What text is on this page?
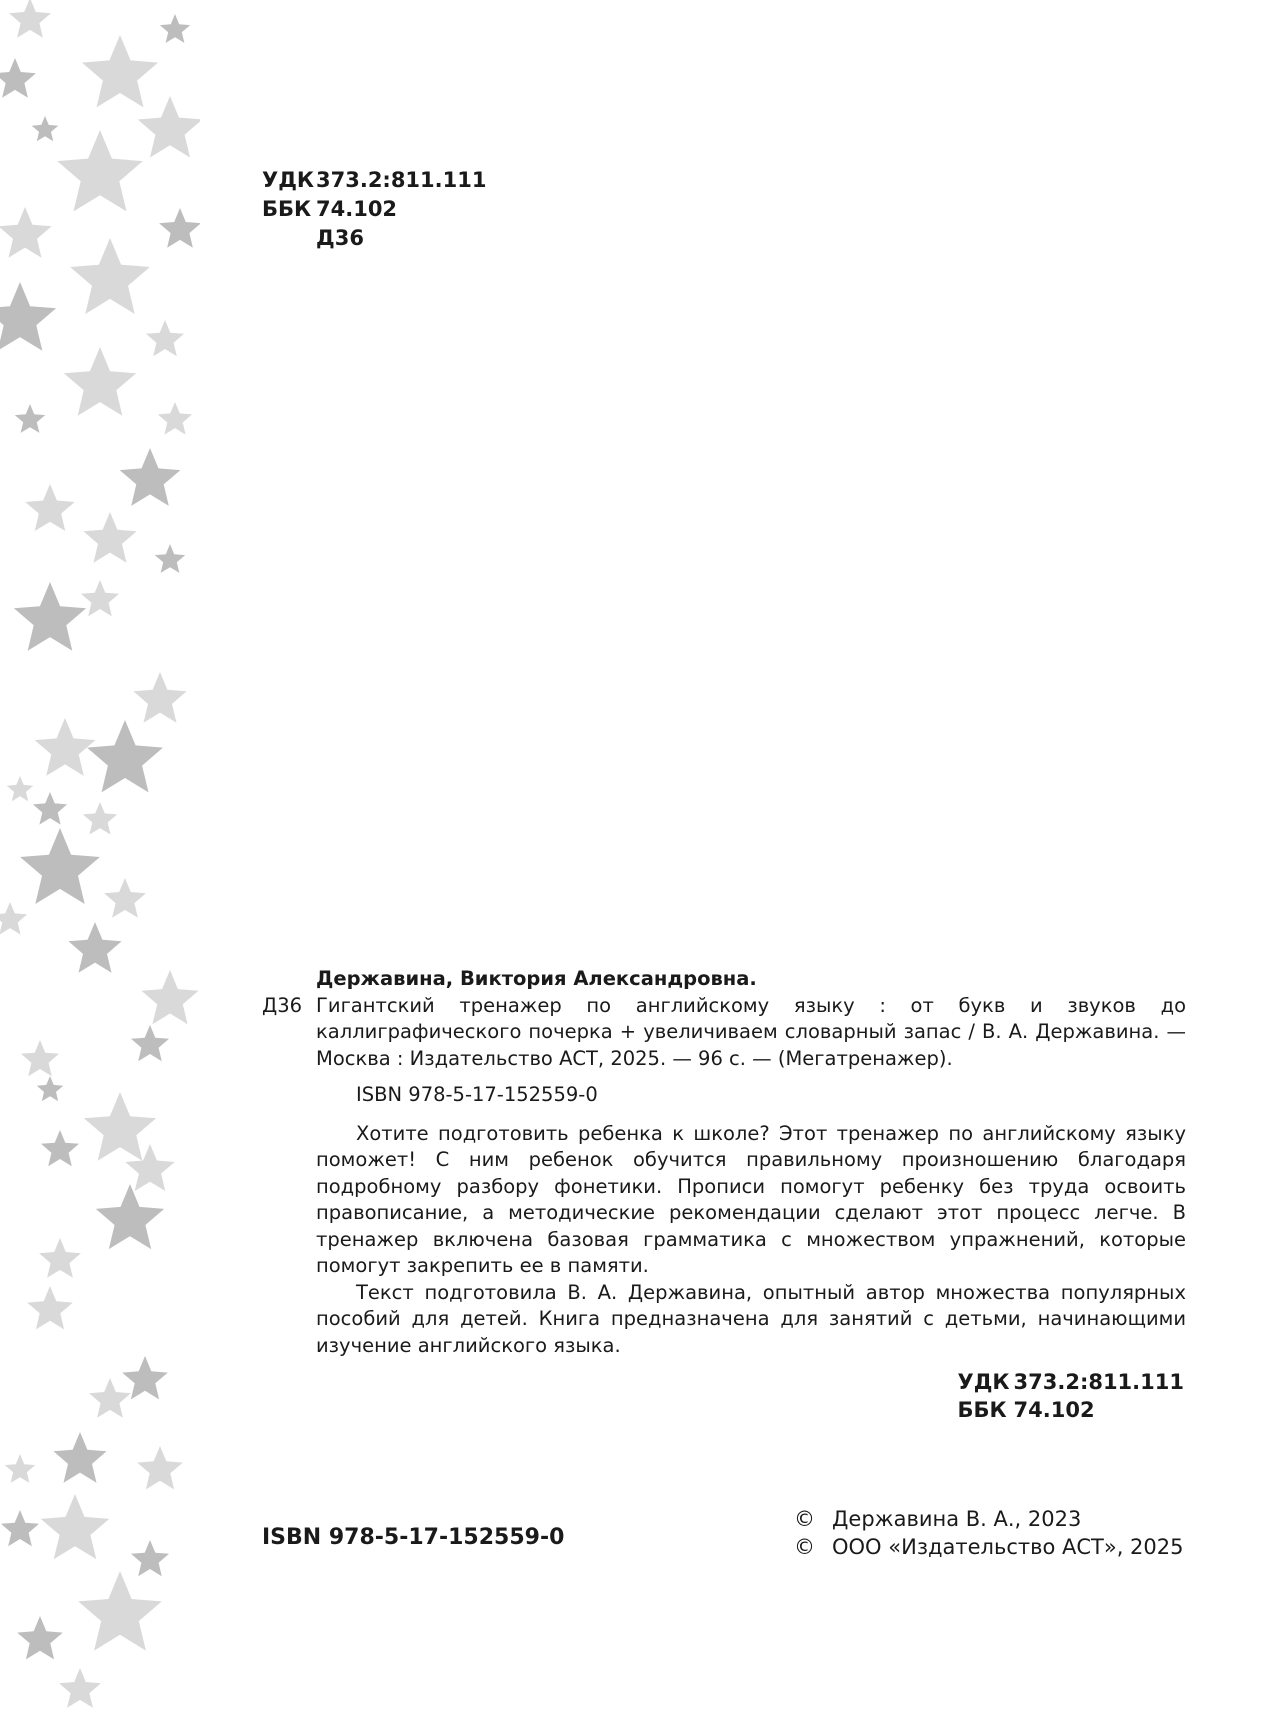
УДК373.2:811.111
ББК 74.102
Д36
Державина, Виктория Александровна.
Д36 Гигантский тренажер по английскому языку : от букв и звуков до каллиграфического почерка + увеличиваем словарный запас / В. А. Державина. — Москва : Издательство АСТ, 2025. — 96 с. — (Мегатренажер).
ISBN 978-5-17-152559-0
Хотите подготовить ребенка к школе? Этот тренажер по английскому языку поможет! С ним ребенок обучится правильному произношению благодаря подробному разбору фонетики. Прописи помогут ребенку без труда освоить правописание, а методические рекомендации сделают этот процесс легче. В тренажер включена базовая грамматика с множеством упражнений, которые помогут закрепить ее в памяти.
Текст подготовила В. А. Державина, опытный автор множества популярных пособий для детей. Книга предназначена для занятий с детьми, начинающими изучение английского языка.
УДК 373.2:811.111
ББК 74.102
ISBN 978-5-17-152559-0
© Державина В. А., 2023
© ООО «Издательство АСТ», 2025
